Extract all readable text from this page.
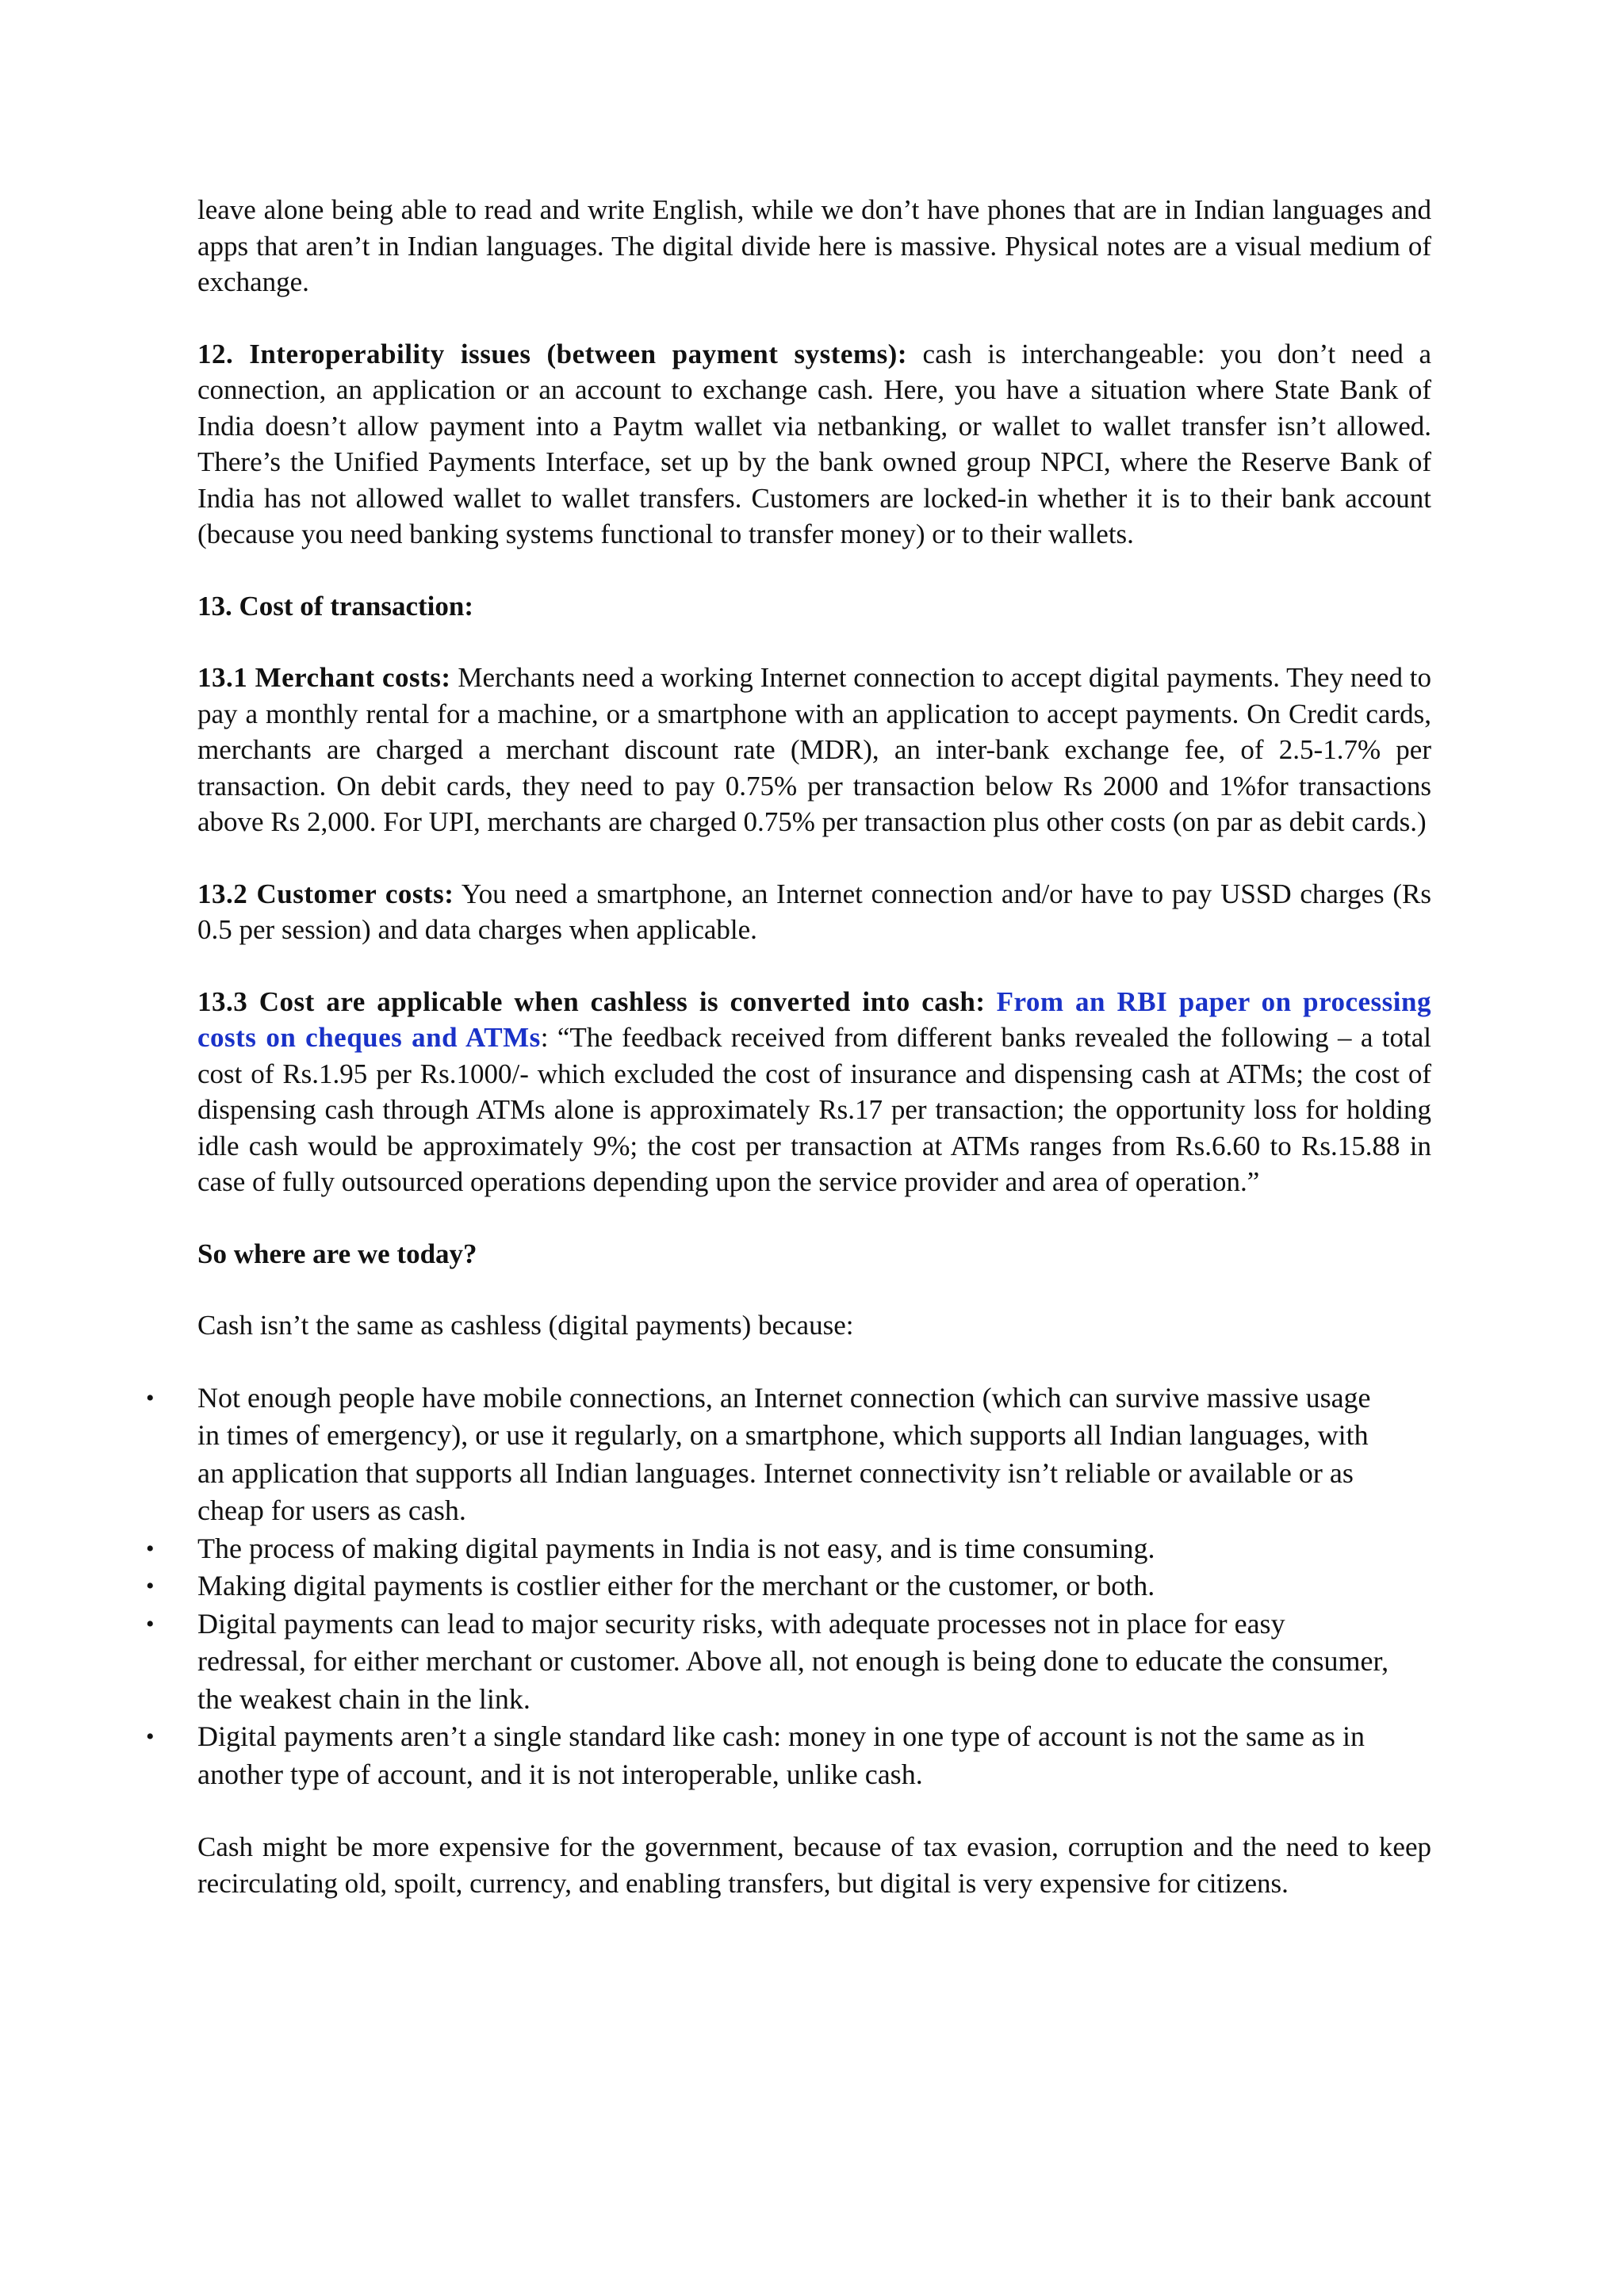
leave alone being able to read and write English, while we don’t have phones that are in Indian languages and apps that aren’t in Indian languages. The digital divide here is massive. Physical notes are a visual medium of exchange.

12. Interoperability issues (between payment systems): cash is interchangeable: you don’t need a connection, an application or an account to exchange cash. Here, you have a situation where State Bank of India doesn’t allow payment into a Paytm wallet via netbanking, or wallet to wallet transfer isn’t allowed. There’s the Unified Payments Interface, set up by the bank owned group NPCI, where the Reserve Bank of India has not allowed wallet to wallet transfers. Customers are locked-in whether it is to their bank account (because you need banking systems functional to transfer money) or to their wallets.

13. Cost of transaction:

13.1 Merchant costs: Merchants need a working Internet connection to accept digital payments. They need to pay a monthly rental for a machine, or a smartphone with an application to accept payments. On Credit cards, merchants are charged a merchant discount rate (MDR), an inter-bank exchange fee, of 2.5-1.7% per transaction. On debit cards, they need to pay 0.75% per transaction below Rs 2000 and 1%for transactions above Rs 2,000. For UPI, merchants are charged 0.75% per transaction plus other costs (on par as debit cards.)

13.2 Customer costs: You need a smartphone, an Internet connection and/or have to pay USSD charges (Rs 0.5 per session) and data charges when applicable.

13.3 Cost are applicable when cashless is converted into cash: From an RBI paper on processing costs on cheques and ATMs: “The feedback received from different banks revealed the following – a total cost of Rs.1.95 per Rs.1000/- which excluded the cost of insurance and dispensing cash at ATMs; the cost of dispensing cash through ATMs alone is approximately Rs.17 per transaction; the opportunity loss for holding idle cash would be approximately 9%; the cost per transaction at ATMs ranges from Rs.6.60 to Rs.15.88 in case of fully outsourced operations depending upon the service provider and area of operation.”

So where are we today?

Cash isn’t the same as cashless (digital payments) because:

• Not enough people have mobile connections, an Internet connection (which can survive massive usage in times of emergency), or use it regularly, on a smartphone, which supports all Indian languages, with an application that supports all Indian languages. Internet connectivity isn’t reliable or available or as cheap for users as cash.
• The process of making digital payments in India is not easy, and is time consuming.
• Making digital payments is costlier either for the merchant or the customer, or both.
• Digital payments can lead to major security risks, with adequate processes not in place for easy redressal, for either merchant or customer. Above all, not enough is being done to educate the consumer, the weakest chain in the link.
• Digital payments aren’t a single standard like cash: money in one type of account is not the same as in another type of account, and it is not interoperable, unlike cash.

Cash might be more expensive for the government, because of tax evasion, corruption and the need to keep recirculating old, spoilt, currency, and enabling transfers, but digital is very expensive for citizens.
